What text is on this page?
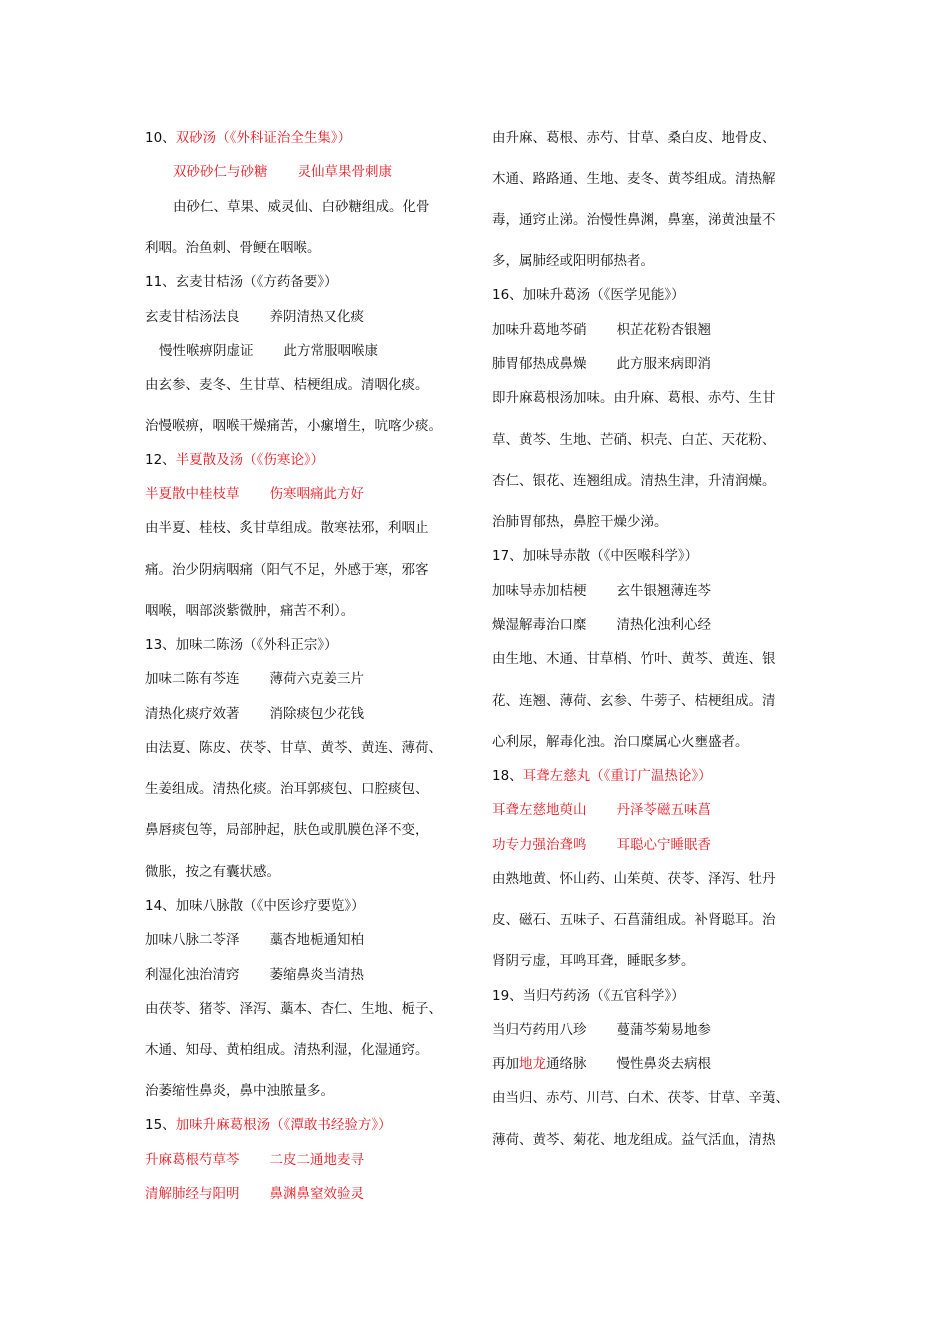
10、双砂汤（《外科证治全生集》）
双砂砂仁与砂糖 灵仙草果骨刺康
由砂仁、草果、威灵仙、白砂糖组成。化骨
利咽。治鱼刺、骨鲠在咽喉。
11、玄麦甘桔汤（《方药备要》）
玄麦甘桔汤法良 养阴清热又化痰
慢性喉痹阴虚证 此方常服咽喉康
由玄参、麦冬、生甘草、桔梗组成。清咽化痰。
治慢喉痹，咽喉干燥痛苦，小瘰增生，吭喀少痰。
12、半夏散及汤（《伤寒论》）
半夏散中桂枝草 伤寒咽痛此方好
由半夏、桂枝、炙甘草组成。散寒祛邪，利咽止
痛。治少阴病咽痛（阳气不足，外感于寒，邪客
咽喉，咽部淡紫微肿，痛苦不利）。
13、加味二陈汤（《外科正宗》）
加味二陈有芩连 薄荷六克姜三片
清热化痰疗效著 消除痰包少花钱
由法夏、陈皮、茯苓、甘草、黄芩、黄连、薄荷、
生姜组成。清热化痰。治耳郭痰包、口腔痰包、
鼻唇痰包等，局部肿起，肤色或肌膜色泽不变，
微胀，按之有囊状感。
14、加味八脉散（《中医诊疗要览》）
加味八脉二苓泽 藁杏地栀通知柏
利湿化浊治清窍 萎缩鼻炎当清热
由茯苓、猪苓、泽泻、藁本、杏仁、生地、栀子、
木通、知母、黄柏组成。清热利湿，化湿通窍。
治萎缩性鼻炎，鼻中浊脓量多。
15、加味升麻葛根汤（《潭敢书经验方》）
升麻葛根芍草芩 二皮二通地麦寻
清解肺经与阳明 鼻渊鼻窒效验灵
由升麻、葛根、赤芍、甘草、桑白皮、地骨皮、
木通、路路通、生地、麦冬、黄芩组成。清热解
毒，通窍止涕。治慢性鼻渊，鼻塞，涕黄浊量不
多，属肺经或阳明郁热者。
16、加味升葛汤（《医学见能》）
加味升葛地芩硝 枳芷花粉杏银翘
肺胃郁热成鼻燥 此方服来病即消
即升麻葛根汤加味。由升麻、葛根、赤芍、生甘
草、黄芩、生地、芒硝、枳壳、白芷、天花粉、
杏仁、银花、连翘组成。清热生津，升清润燥。
治肺胃郁热，鼻腔干燥少涕。
17、加味导赤散（《中医喉科学》）
加味导赤加桔梗 玄牛银翘薄连芩
燥湿解毒治口糜 清热化浊利心经
由生地、木通、甘草梢、竹叶、黄芩、黄连、银
花、连翘、薄荷、玄参、牛蒡子、桔梗组成。清
心利尿，解毒化浊。治口糜属心火壅盛者。
18、耳聋左慈丸（《重订广温热论》）
耳聋左慈地萸山 丹泽苓磁五味菖
功专力强治聋鸣 耳聪心宁睡眠香
由熟地黄、怀山药、山茱萸、茯苓、泽泻、牡丹
皮、磁石、五味子、石菖蒲组成。补肾聪耳。治
肾阴亏虚，耳鸣耳聋，睡眠多梦。
19、当归芍药汤（《五官科学》）
当归芍药用八珍 蔓蒲芩菊易地参
再加地龙通络脉 慢性鼻炎去病根
由当归、赤芍、川芎、白术、茯苓、甘草、辛荑、
薄荷、黄芩、菊花、地龙组成。益气活血，清热
